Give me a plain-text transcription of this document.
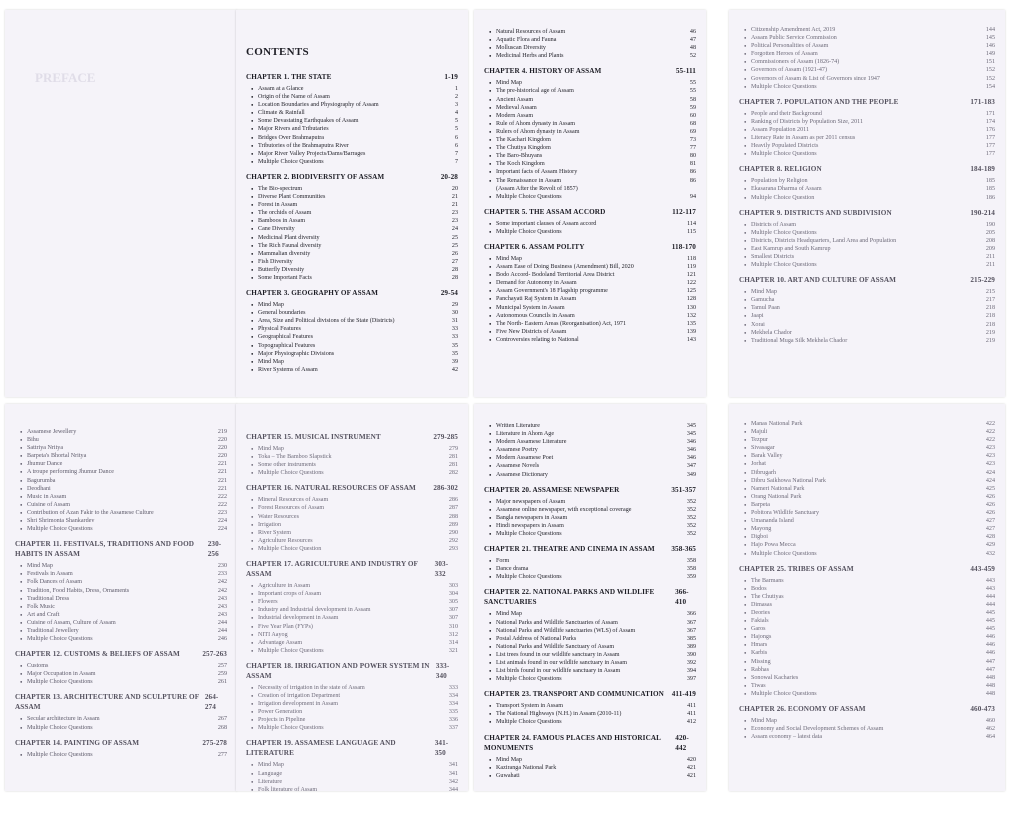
PREFACE
CONTENTS
CHAPTER 1. THE STATE	1-19
● Assam at a Glance	1
● Origin of the Name of Assam	2
● Location Boundaries and Physiography of Assam	3
● Climate & Rainfall	4
● Some Devastating Earthquakes of Assam	5
● Major Rivers and Tributaries	5
● Bridges Over Brahmaputra	6
● Tributories of the Brahmaputra River	6
● Major River Valley Projects/Dams/Barrages	7
● Multiple Choice Questions	7
CHAPTER 2. BIODIVERSITY OF ASSAM	20-28
● The Bio-spectrum	20
● Diverse Plant Communities	21
● Forest in Assam	21
● The orchids of Assam	23
● Bamboos in Assam	23
● Cane Diversity	24
● Medicinal Plant diversity	25
● The Rich Faunal diversity	25
● Mammalian diversity	26
● Fish Diversity	27
● Butterfly Diversity	28
● Some Important Facts	28
CHAPTER 3. GEOGRAPHY OF ASSAM	29-54
● Mind Map	29
● General boundaries	30
● Area, Size and Political divisions of the State (Districts)	31
● Physical Features	33
● Geographical Features	33
● Topographical Features	35
● Major Physiographic Divisions	35
● Mind Map	39
● River Systems of Assam	42
● Natural Resources of Assam	46
● Aquatic Flora and Fauna	47
● Molluscan Diversity	48
● Medicinal Herbs and Plants	52
CHAPTER 4. HISTORY OF ASSAM	55-111
● Mind Map	55
● The pre-historical age of Assam	55
● Ancient Assam	58
● Medieval Assam	59
● Modern Assam	60
● Rule of Ahom dynasty in Assam	68
● Rulers of Ahom dynasty in Assam	69
● The Kachari Kingdom	73
● The Chutiya Kingdom	77
● The Baro-Bhuyans	80
● The Koch Kingdom	81
● Important facts of Assam History	86
● The Renaissance in Assam	86
(Assam After the Revolt of 1857)
● Multiple Choice Questions	94
CHAPTER 5. THE ASSAM ACCORD	112-117
● Some important clauses of Assam accord	114
● Multiple Choice Questions	115
CHAPTER 6. ASSAM POLITY	118-170
● Mind Map	118
● Assam Ease of Doing Business (Amendment) Bill, 2020	119
● Bodo Accord- Bodoland Territorial Area District	121
● Demand for Autonomy in Assam	122
● Assam Government's 18 Flagship programme	125
● Panchayati Raj System in Assam	128
● Municipal System in Assam	130
● Autonomous Councils in Assam	132
● The North- Eastern Areas (Reorganisation) Act, 1971	135
● Five New Districts of Assam	139
● Controversies relating to National	143
● Citizenship Amendment Act, 2019	144
● Assam Public Service Commission	145
● Political Personalities of Assam	146
● Forgotten Heroes of Assam	149
● Commissioners of Assam (1826-74)	151
● Governors of Assam (1921-47)	152
● Governors of Assam & List of Governors since 1947	152
● Multiple Choice Questions	154
CHAPTER 7. POPULATION AND THE PEOPLE	171-183
● People and their Background	171
● Ranking of Districts by Population Size, 2011	174
● Assam Population 2011	176
● Literacy Rate in Assam as per 2011 census	177
● Heavily Populated Districts	177
● Multiple Choice Questions	177
CHAPTER 8. RELIGION	184-189
● Population by Religion	185
● Ekasarana Dharma of Assam	185
● Multiple Choice Question	186
CHAPTER 9. DISTRICTS AND SUBDIVISION	190-214
● Districts of Assam	190
● Multiple Choice Questions	205
● Districts, Districts Headquarters, Land Area and Population	208
● East Kamrup and South Kamrup	209
● Smallest Districts	211
● Multiple Choice Questions	211
CHAPTER 10. ART AND CULTURE OF ASSAM	215-229
● Mind Map	215
● Gamucha	217
● Tamul Paan	218
● Jaapi	218
● Xorai	218
● Mekhela Chador	219
● Traditional Muga Silk Mekhela Chador	219
● Assamese Jewellery	219
● Bihu	220
● Sattriya Nritya	220
● Barpeta's Bhortal Nritya	220
● Jhumur Dance	221
● A troupe performing Jhumur Dance	221
● Bagurumba	221
● Deodhani	221
● Music in Assam	222
● Cuisine of Assam	222
● Contribution of Azan Fakir to the Assamese Culture	223
● Shri Shrimonta Shankardev	224
● Multiple Choice Questions	224
CHAPTER 11. FESTIVALS, TRADITIONS AND FOOD HABITS IN ASSAM
230-256
● Mind Map	230
● Festivals in Assam	233
● Folk Dances of Assam	242
● Tradition, Food Habits, Dress, Ornaments	242
● Traditional Dress	243
● Folk Music	243
● Art and Craft	243
● Cuisine of Assam, Culture of Assam	244
● Traditional Jewellery	244
● Multiple Choice Questions	246
CHAPTER 12. CUSTOMS & BELIEFS OF ASSAM	257-263
● Customs	257
● Major Occupation in Assam	259
● Multiple Choice Questions	261
CHAPTER 13. ARCHITECTURE AND SCULPTURE OF ASSAM
264-274
● Secular architecture in Assam	267
● Multiple Choice Questions	268
CHAPTER 14. PAINTING OF ASSAM	275-278
● Multiple Choice Questions	277
CHAPTER 15. MUSICAL INSTRUMENT	279-285
● Mind Map	279
● Toka – The Bamboo Slapstick	281
● Some other instruments	281
● Multiple Choice Questions	282
CHAPTER 16. NATURAL RESOURCES OF ASSAM 286-302
● Mineral Resources of Assam	286
● Forest Resources of Assam	287
● Water Resources	288
● Irrigation	289
● River System	290
● Agriculture Resources	292
● Multiple Choice Question	293
CHAPTER 17. AGRICULTURE AND INDUSTRY OF ASSAM
303-332
● Agriculture in Assam	303
● Important crops of Assam	304
● Flowers	305
● Industry and Industrial development in Assam	307
● Industrial development in Assam	307
● Five Year Plan (FYPs)	310
● NITI Aayog	312
● Advantage Assam	314
● Multiple Choice Questions	321
CHAPTER 18. IRRIGATION AND POWER SYSTEM IN ASSAM
333-340
● Necessity of irrigation in the state of Assam	333
● Creation of irrigation Department	334
● Irrigation development in Assam	334
● Power Generation	335
● Projects in Pipeline	336
● Multiple Choice Questions	337
CHAPTER 19. ASSAMESE LANGUAGE AND LITERATURE
341-350
● Mind Map	341
● Language	341
● Literature	342
● Folk literature of Assam	344
● Written Literature	345
● Literature in Ahom Age	345
● Modern Assamese Literature	346
● Assamese Poetry	346
● Modern Assamese Poet	346
● Assamese Novels	347
● Assamese Dictionary	349
CHAPTER 20. ASSAMESE NEWSPAPER	351-357
● Major newspapers of Assam	352
● Assamese online newspaper, with exceptional coverage	352
● Bangla newspapers in Assam	352
● Hindi newspapers in Assam	352
● Multiple Choice Questions	352
CHAPTER 21. THEATRE AND CINEMA IN ASSAM 358-365
● Form	358
● Dance drama	358
● Multiple Choice Questions	359
CHAPTER 22. NATIONAL PARKS AND WILDLIFE SANCTUARIES
366-410
● Mind Map	366
● National Parks and Wildlife Sanctuaries of Assam	367
● National Parks and Wildlife sanctuaries (WLS) of Assam	367
● Postal Address of National Parks	385
● National Parks and Wildlife Sanctuary of Assam	389
● List trees found in our wildlife sanctuary in Assam	390
● List animals found in our wildlife sanctuary in Assam	392
● List birds found in our wildlife sanctuary in Assam	394
● Multiple Choice Questions	397
CHAPTER 23. TRANSPORT AND COMMUNICATION 411-419
● Transport System in Assam	411
● The National Highways (N.H.) in Assam (2010-11)	411
● Multiple Choice Questions	412
CHAPTER 24. FAMOUS PLACES AND HISTORICAL MONUMENTS
420-442
● Mind Map	420
● Kaziranga National Park	421
● Guwahati	421
● Manas National Park	422
● Majuli	422
● Tezpur	422
● Sivasagar	423
● Barak Valley	423
● Jorhat	423
● Dibrugarh	424
● Dibru Saikhowa National Park	424
● Nameri National Park	425
● Orang National Park	426
● Barpeta	426
● Pobitora Wildlife Sanctuary	426
● Umananda Island	427
● Mayong	427
● Digboi	428
● Hajo Powa Mecca	429
● Multiple Choice Questions	432
CHAPTER 25. TRIBES OF ASSAM	443-459
● The Barmans	443
● Bodos	443
● The Chutiyas	444
● Dimasas	444
● Deories	445
● Fakials	445
● Garos	445
● Hajongs	446
● Hmars	446
● Karbis	446
● Missing	447
● Rabhas	447
● Sonowal Kacharies	448
● Tiwas	448
● Multiple Choice Questions	448
CHAPTER 26. ECONOMY OF ASSAM	460-473
● Mind Map	460
● Economy and Social Development Schemes of Assam	462
● Assam economy – latest data	464
